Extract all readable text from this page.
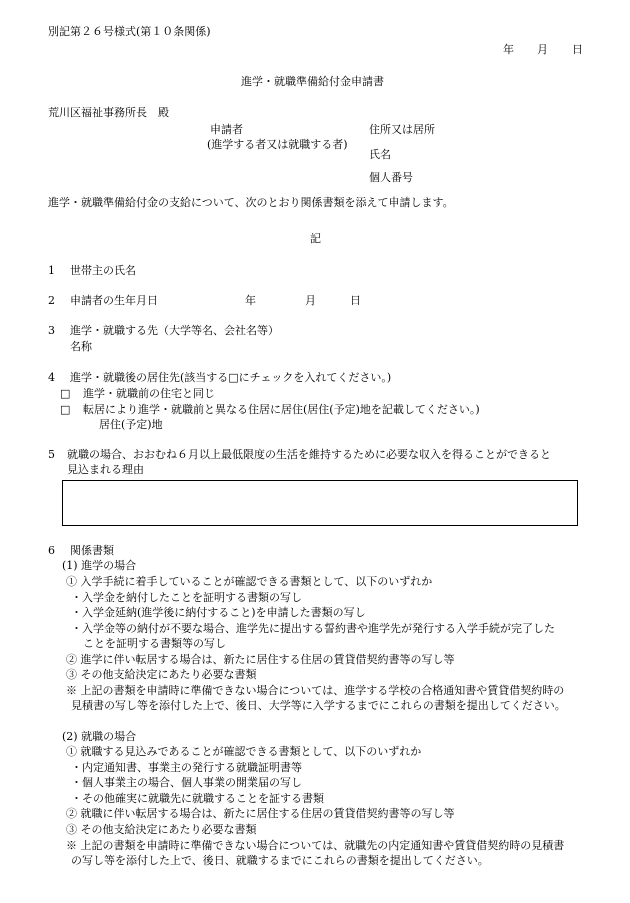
別記第２６号様式(第１０条関係)
年 月 日
進学・就職準備給付金申請書
荒川区福祉事務所長　殿
申請者
(進学する者又は就職する者)
住所又は居所
氏名
個人番号
進学・就職準備給付金の支給について、次のとおり関係書類を添えて申請します。
記
1 世帯主の氏名
2 申請者の生年月日	年	月	日
3 進学・就職する先（大学等名、会社名等）
名称
4 進学・就職後の居住先(該当する□にチェックを入れてください。)
□ 進学・就職前の住宅と同じ
□ 転居により進学・就職前と異なる住居に居住(居住(予定)地を記載してください。)
居住(予定)地
5 就職の場合、おおむね６月以上最低限度の生活を維持するために必要な収入を得ることができると
見込まれる理由
6 関係書類
(1) 進学の場合
① 入学手続に着手していることが確認できる書類として、以下のいずれか
・入学金を納付したことを証明する書類の写し
・入学金延納(進学後に納付すること)を申請した書類の写し
・入学金等の納付が不要な場合、進学先に提出する誓約書や進学先が発行する入学手続が完了した
ことを証明する書類等の写し
② 進学に伴い転居する場合は、新たに居住する住居の賃貸借契約書等の写し等
③ その他支給決定にあたり必要な書類
※ 上記の書類を申請時に準備できない場合については、進学する学校の合格通知書や賃貸借契約時の
見積書の写し等を添付した上で、後日、大学等に入学するまでにこれらの書類を提出してください。
(2) 就職の場合
① 就職する見込みであることが確認できる書類として、以下のいずれか
・内定通知書、事業主の発行する就職証明書等
・個人事業主の場合、個人事業の開業届の写し
・その他確実に就職先に就職することを証する書類
② 就職に伴い転居する場合は、新たに居住する住居の賃貸借契約書等の写し等
③ その他支給決定にあたり必要な書類
※ 上記の書類を申請時に準備できない場合については、就職先の内定通知書や賃貸借契約時の見積書
の写し等を添付した上で、後日、就職するまでにこれらの書類を提出してください。
